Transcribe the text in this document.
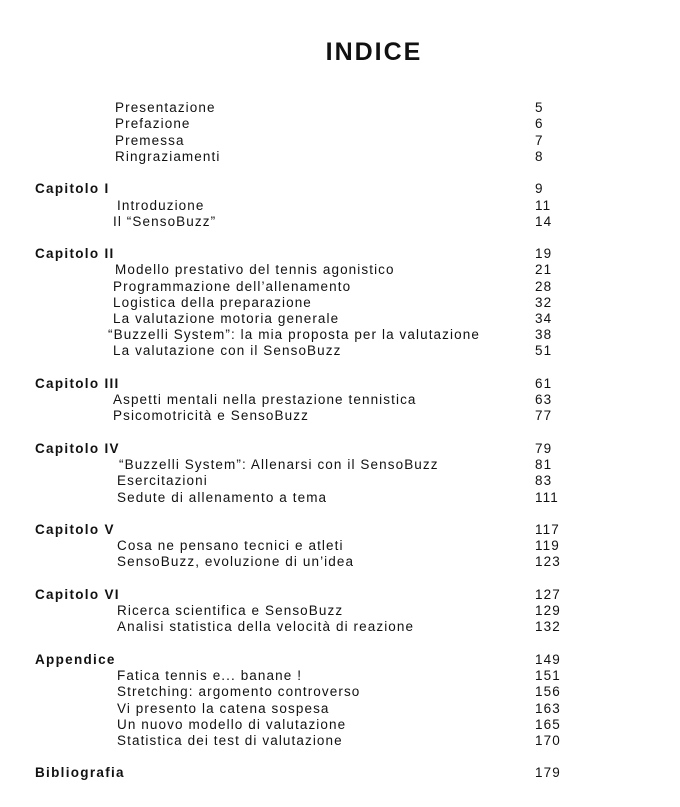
INDICE
Presentazione	5
Prefazione	6
Premessa	7
Ringraziamenti	8
Capitolo I	9
Introduzione	11
Il “SensoBuzz”	14
Capitolo II	19
Modello prestativo del tennis agonistico	21
Programmazione dell’allenamento	28
Logistica della preparazione	32
La valutazione motoria generale	34
“Buzzelli System”: la mia proposta per la valutazione	38
La valutazione con il SensoBuzz	51
Capitolo III	61
Aspetti mentali nella prestazione tennistica	63
Psicomotricità e SensoBuzz	77
Capitolo IV	79
“Buzzelli System”: Allenarsi con il SensoBuzz	81
Esercitazioni	83
Sedute di allenamento a tema	111
Capitolo V	117
Cosa ne pensano tecnici e atleti	119
SensoBuzz, evoluzione di un’idea	123
Capitolo VI	127
Ricerca scientifica e SensoBuzz	129
Analisi statistica della velocità di reazione	132
Appendice	149
Fatica tennis e... banane !	151
Stretching: argomento controverso	156
Vi presento la catena sospesa	163
Un nuovo modello di valutazione	165
Statistica dei test di valutazione	170
Bibliografia	179
